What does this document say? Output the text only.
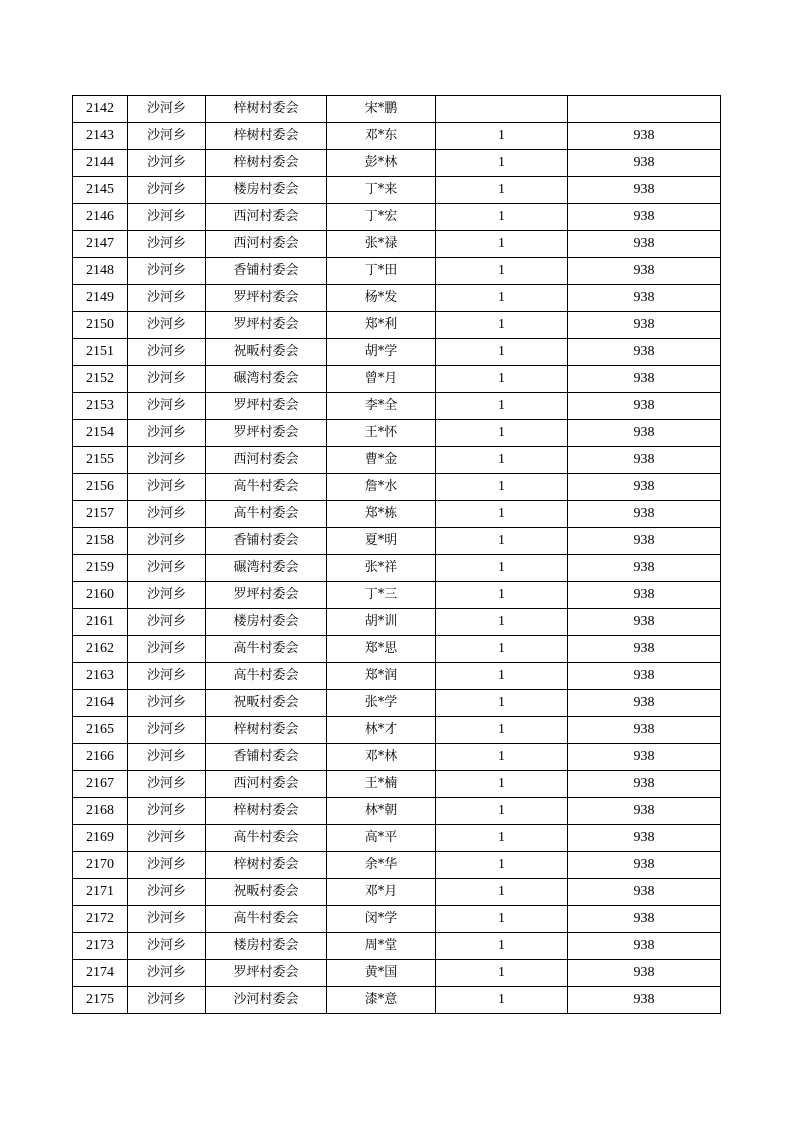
2142	沙河乡	梓树村委会	宋*鹏		
2143	沙河乡	梓树村委会	邓*东	1	938
2144	沙河乡	梓树村委会	彭*林	1	938
2145	沙河乡	楼房村委会	丁*来	1	938
2146	沙河乡	西河村委会	丁*宏	1	938
2147	沙河乡	西河村委会	张*禄	1	938
2148	沙河乡	香铺村委会	丁*田	1	938
2149	沙河乡	罗坪村委会	杨*发	1	938
2150	沙河乡	罗坪村委会	郑*利	1	938
2151	沙河乡	祝畈村委会	胡*学	1	938
2152	沙河乡	碾湾村委会	曾*月	1	938
2153	沙河乡	罗坪村委会	李*全	1	938
2154	沙河乡	罗坪村委会	王*怀	1	938
2155	沙河乡	西河村委会	曹*金	1	938
2156	沙河乡	高牛村委会	詹*水	1	938
2157	沙河乡	高牛村委会	郑*栋	1	938
2158	沙河乡	香铺村委会	夏*明	1	938
2159	沙河乡	碾湾村委会	张*祥	1	938
2160	沙河乡	罗坪村委会	丁*三	1	938
2161	沙河乡	楼房村委会	胡*训	1	938
2162	沙河乡	高牛村委会	郑*思	1	938
2163	沙河乡	高牛村委会	郑*润	1	938
2164	沙河乡	祝畈村委会	张*学	1	938
2165	沙河乡	梓树村委会	林*才	1	938
2166	沙河乡	香铺村委会	邓*林	1	938
2167	沙河乡	西河村委会	王*楠	1	938
2168	沙河乡	梓树村委会	林*朝	1	938
2169	沙河乡	高牛村委会	高*平	1	938
2170	沙河乡	梓树村委会	余*华	1	938
2171	沙河乡	祝畈村委会	邓*月	1	938
2172	沙河乡	高牛村委会	闵*学	1	938
2173	沙河乡	楼房村委会	周*堂	1	938
2174	沙河乡	罗坪村委会	黄*国	1	938
2175	沙河乡	沙河村委会	漆*意	1	938
